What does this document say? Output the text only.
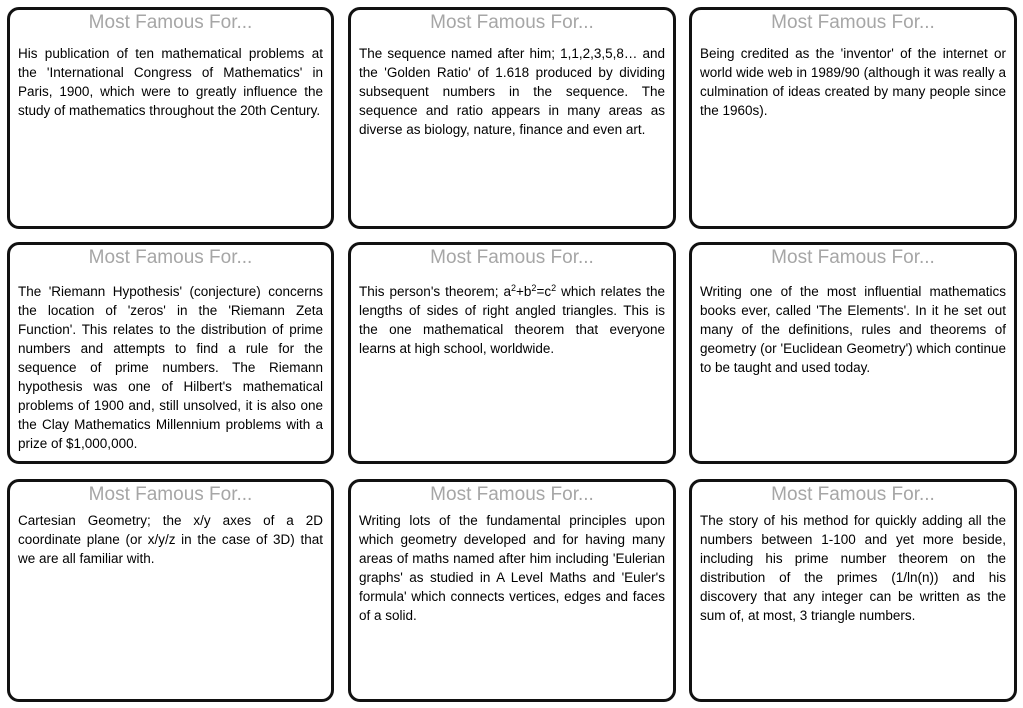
Most Famous For...
His publication of ten mathematical problems at the 'International Congress of Mathematics' in Paris, 1900, which were to greatly influence the study of mathematics throughout the 20th Century.
Most Famous For...
The sequence named after him; 1,1,2,3,5,8… and the 'Golden Ratio' of 1.618 produced by dividing subsequent numbers in the sequence. The sequence and ratio appears in many areas as diverse as biology, nature, finance and even art.
Most Famous For...
Being credited as the 'inventor' of the internet or world wide web in 1989/90 (although it was really a culmination of ideas created by many people since the 1960s).
Most Famous For...
The 'Riemann Hypothesis' (conjecture) concerns the location of 'zeros' in the 'Riemann Zeta Function'. This relates to the distribution of prime numbers and attempts to find a rule for the sequence of prime numbers. The Riemann hypothesis was one of Hilbert's mathematical problems of 1900 and, still unsolved, it is also one the Clay Mathematics Millennium problems with a prize of $1,000,000.
Most Famous For...
This person's theorem; $a^2+b^2=c^2$ which relates the lengths of sides of right angled triangles. This is the one mathematical theorem that everyone learns at high school, worldwide.
Most Famous For...
Writing one of the most influential mathematics books ever, called 'The Elements'. In it he set out many of the definitions, rules and theorems of geometry (or 'Euclidean Geometry') which continue to be taught and used today.
Most Famous For...
Cartesian Geometry; the x/y axes of a 2D coordinate plane (or x/y/z in the case of 3D) that we are all familiar with.
Most Famous For...
Writing lots of the fundamental principles upon which geometry developed and for having many areas of maths named after him including 'Eulerian graphs' as studied in A Level Maths and 'Euler's formula' which connects vertices, edges and faces of a solid.
Most Famous For...
The story of his method for quickly adding all the numbers between 1-100 and yet more beside, including his prime number theorem on the distribution of the primes (1/ln(n)) and his discovery that any integer can be written as the sum of, at most, 3 triangle numbers.
